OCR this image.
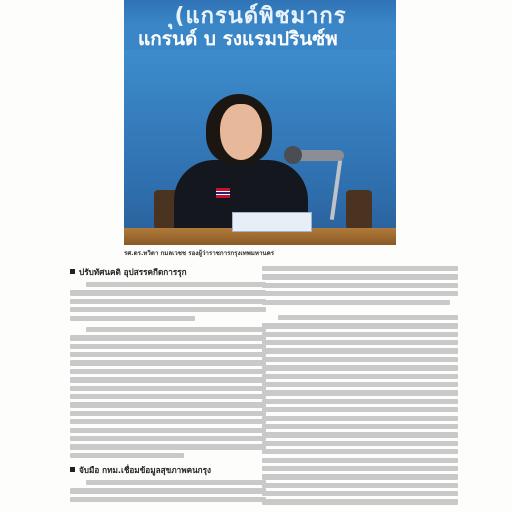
ุ(แกรนด์พิชมากร
แกรนด์ บ รงแรมปรินซ์พ
รศ.ดร.ทวิดา กมลเวชช รองผู้ว่าราชการกรุงเทพมหานคร
ปรับทัศนคติ อุปสรรคกีดการรุก
จับมือ กทม.เชื่อมข้อมูลสุขภาพคนกรุง
